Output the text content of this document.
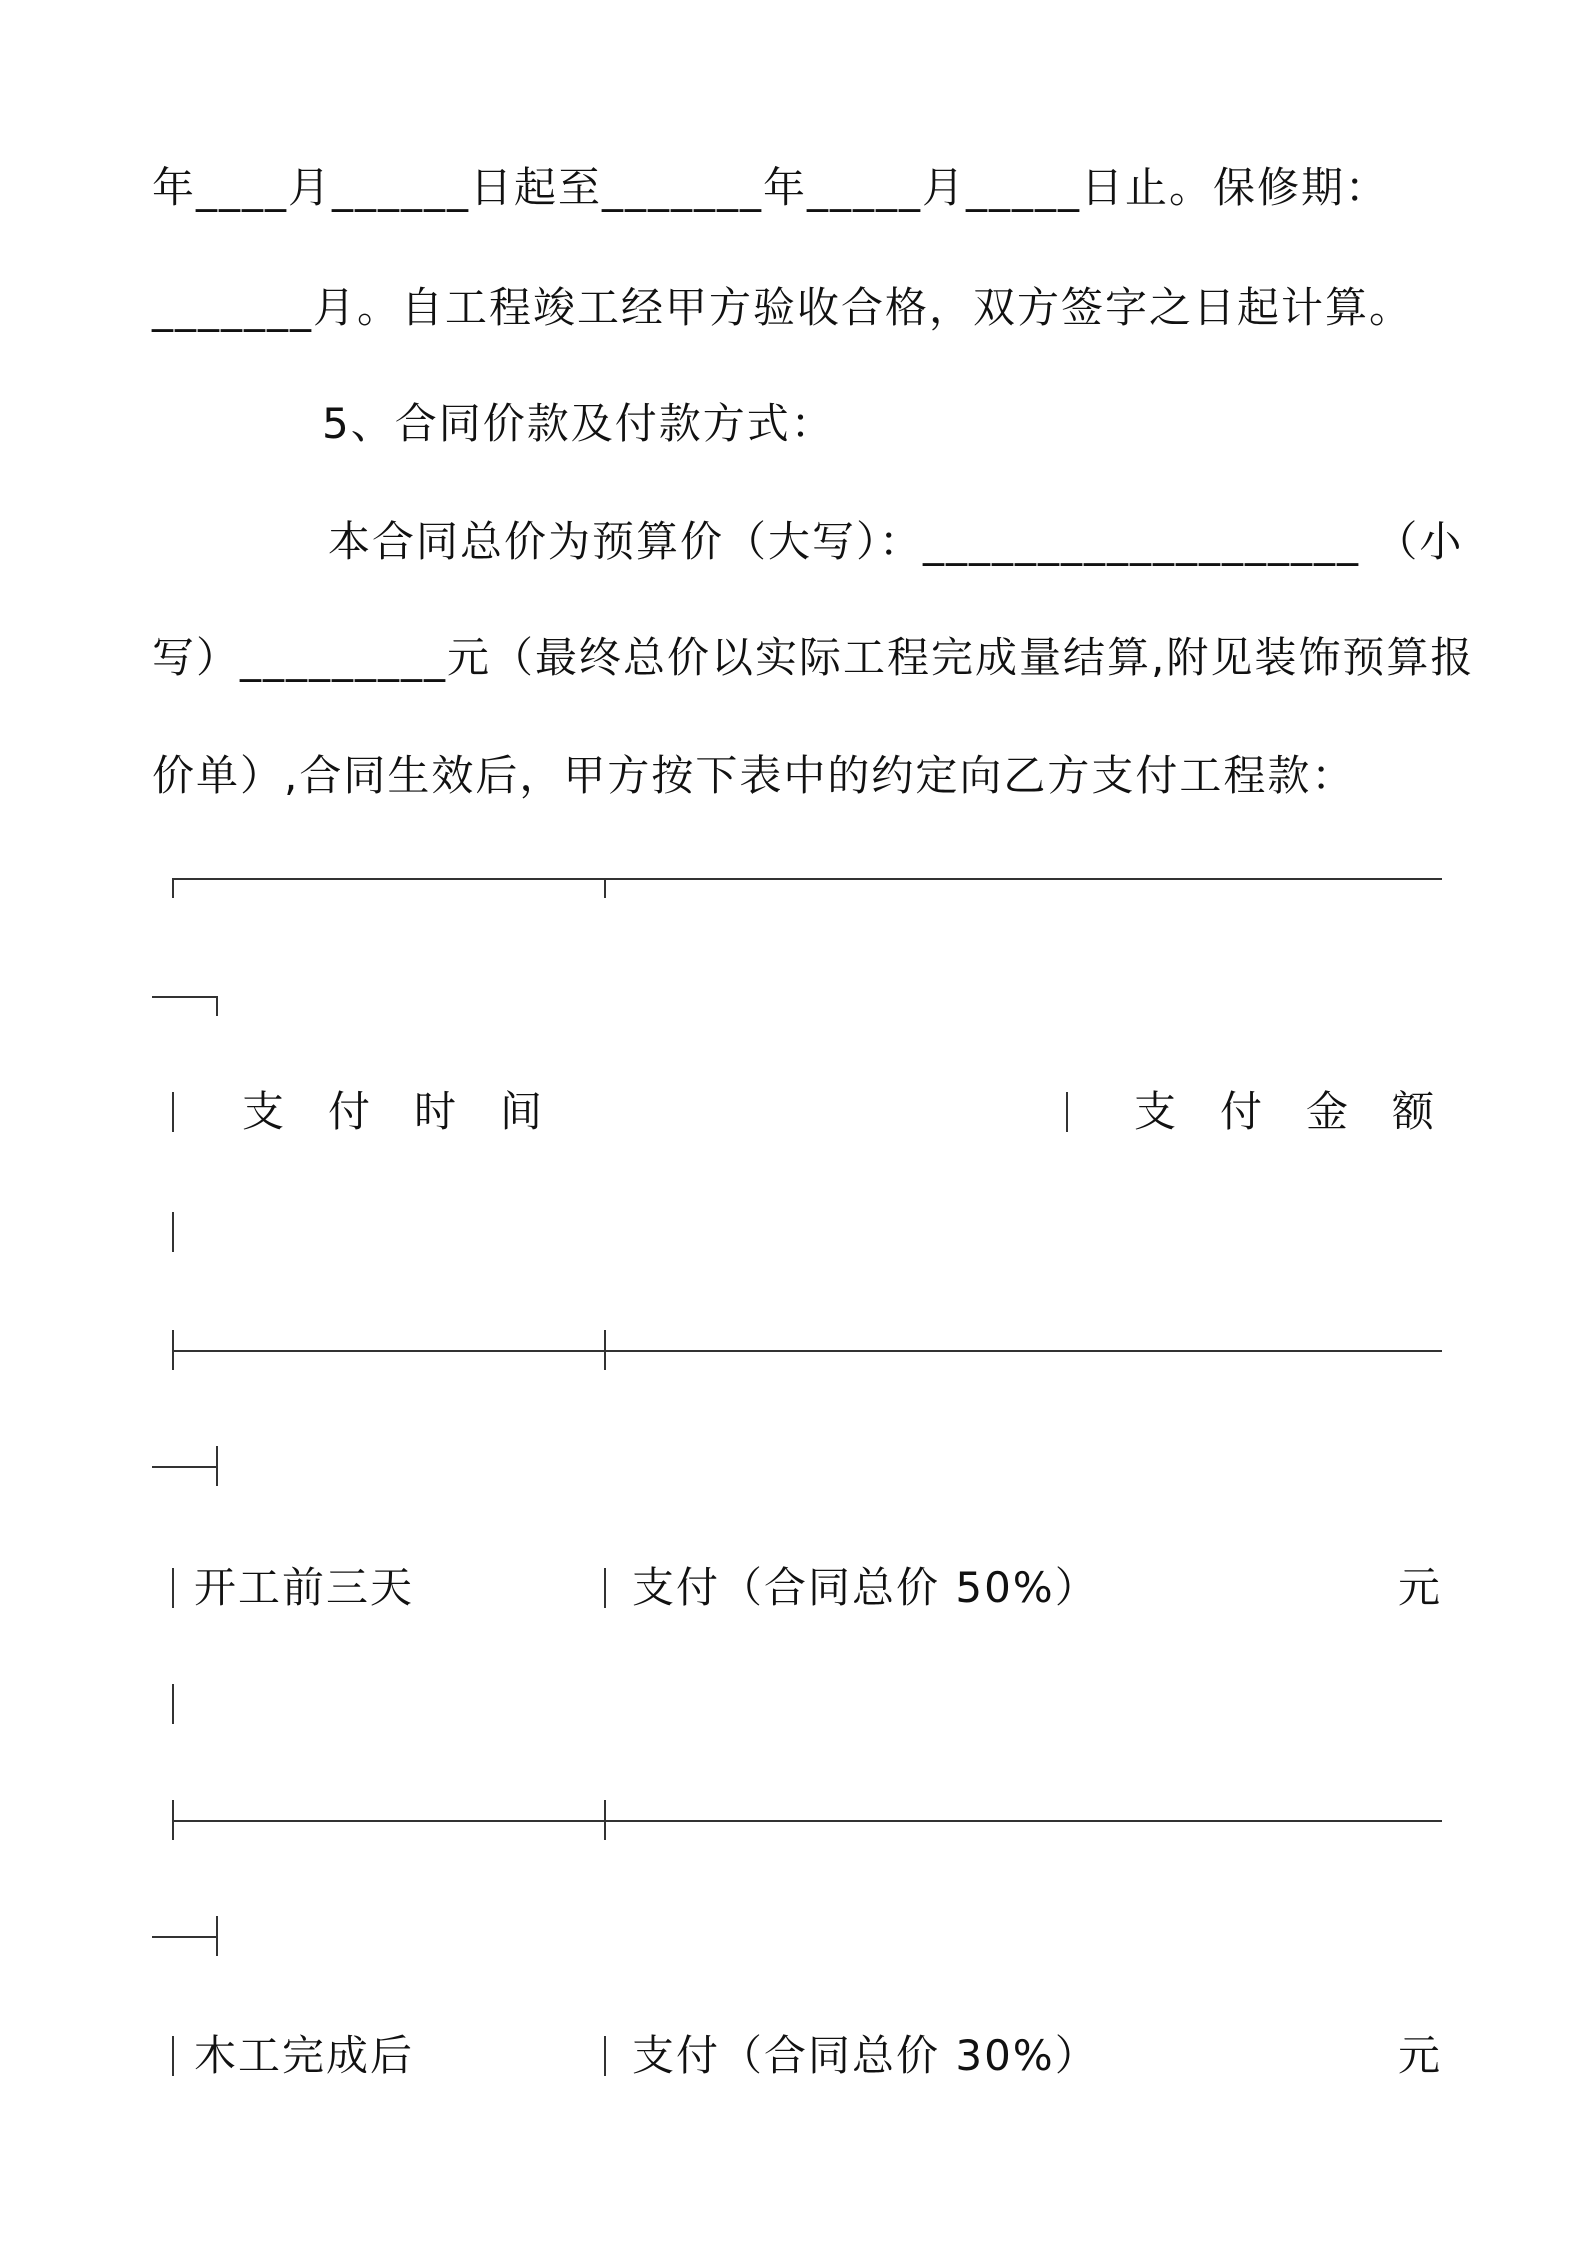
年____月______日起至_______年_____月_____日止。保修期：
_______月。自工程竣工经甲方验收合格，双方签字之日起计算。
5、合同价款及付款方式：
本合同总价为预算价（大写）：___________________ （小
写）_________元（最终总价以实际工程完成量结算,附见装饰预算报
价单）,合同生效后，甲方按下表中的约定向乙方支付工程款：
支付时间	支付金额
开工前三天	支付（合同总价 50%）	元
木工完成后	支付（合同总价 30%）	元
